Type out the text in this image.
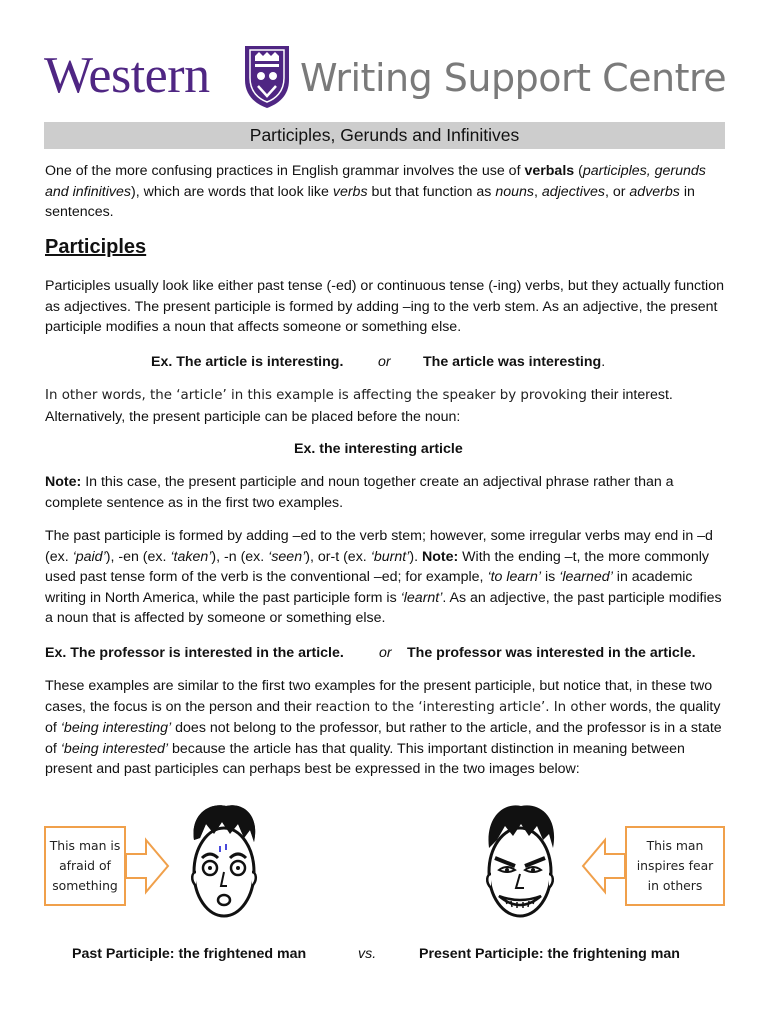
Western Writing Support Centre
Participles, Gerunds and Infinitives

One of the more confusing practices in English grammar involves the use of verbals (participles, gerunds and infinitives), which are words that look like verbs but that function as nouns, adjectives, or adverbs in sentences.

Participles

Participles usually look like either past tense (-ed) or continuous tense (-ing) verbs, but they actually function as adjectives. The present participle is formed by adding –ing to the verb stem. As an adjective, the present participle modifies a noun that affects someone or something else.

Ex. The article is interesting. or The article was interesting.

In other words, the ‘article’ in this example is affecting the speaker by provoking their interest. Alternatively, the present participle can be placed before the noun:

Ex. the interesting article

Note: In this case, the present participle and noun together create an adjectival phrase rather than a complete sentence as in the first two examples.

The past participle is formed by adding –ed to the verb stem; however, some irregular verbs may end in –d (ex. ‘paid’), -en (ex. ‘taken’), -n (ex. ‘seen’), or-t (ex. ‘burnt’). Note: With the ending –t, the more commonly used past tense form of the verb is the conventional –ed; for example, ‘to learn’ is ‘learned’ in academic writing in North America, while the past participle form is ‘learnt’. As an adjective, the past participle modifies a noun that is affected by someone or something else.

Ex. The professor is interested in the article. or The professor was interested in the article.

These examples are similar to the first two examples for the present participle, but notice that, in these two cases, the focus is on the person and their reaction to the ‘interesting article’. In other words, the quality of ‘being interesting’ does not belong to the professor, but rather to the article, and the professor is in a state of ‘being interested’ because the article has that quality. This important distinction in meaning between present and past participles can perhaps best be expressed in the two images below:

This man is
afraid of
something
This man
inspires fear
in others
Past Participle: the frightened man	vs.	Present Participle: the frightening man
